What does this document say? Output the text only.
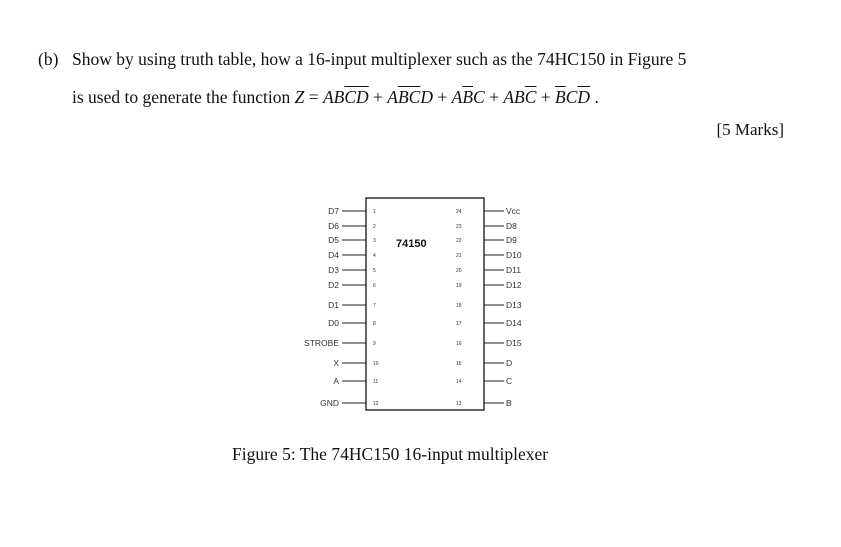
(b) Show by using truth table, how a 16-input multiplexer such as the 74HC150 in Figure 5
is used to generate the function $Z = AB\overline{CD} + A\overline{BC}D + A\overline{B}C + AB\overline{C} + \overline{B}C\overline{D}$ .
[5 Marks]
74150
D7	1
D6	2
D5	3
D4	4
D3	5
D2	6
D1	7
D0	8
STROBE	9
X	10
A	11
GND	12
Vcc
24
D8
23
D9
22
D10
21
D11
20
D12
19
D13
18
D14
17
D15
16
D
15
C
14
B
13
Figure 5: The 74HC150 16-input multiplexer
